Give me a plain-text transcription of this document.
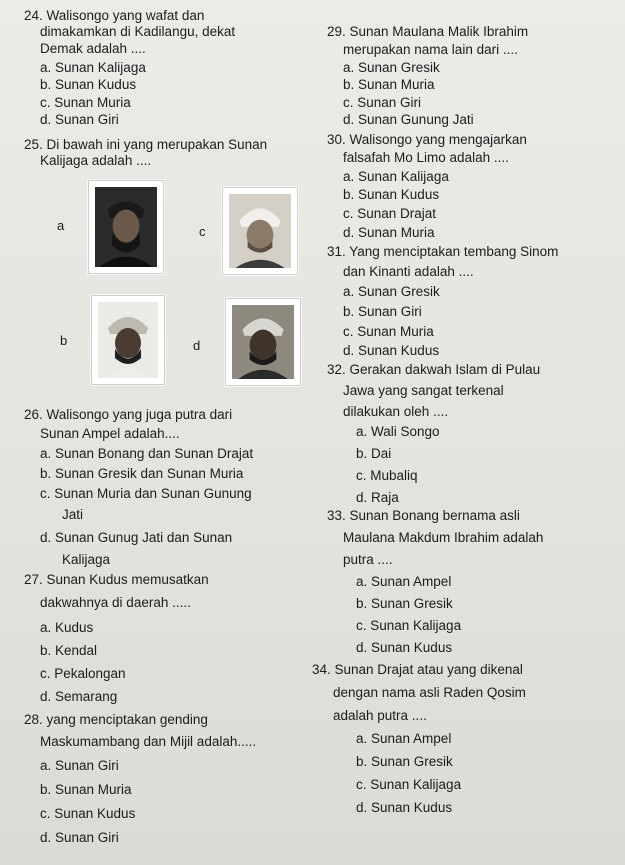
24. Walisongo yang wafat dan
dimakamkan di Kadilangu, dekat
Demak adalah ....
a. Sunan Kalijaga
b. Sunan Kudus
c. Sunan Muria
d. Sunan Giri
25. Di bawah ini yang merupakan Sunan
Kalijaga adalah ....
a	c
b	d
26. Walisongo yang juga putra dari
Sunan Ampel adalah....
a. Sunan Bonang dan Sunan Drajat
b. Sunan Gresik dan Sunan Muria
c. Sunan Muria dan Sunan Gunung
Jati
d. Sunan Gunug Jati dan Sunan
Kalijaga
27. Sunan Kudus memusatkan
dakwahnya di daerah .....
a. Kudus
b. Kendal
c. Pekalongan
d. Semarang
28. yang menciptakan gending
Maskumambang dan Mijil adalah.....
a. Sunan Giri
b. Sunan Muria
c. Sunan Kudus
d. Sunan Giri
29. Sunan Maulana Malik Ibrahim
merupakan nama lain dari ....
a. Sunan Gresik
b. Sunan Muria
c. Sunan Giri
d. Sunan Gunung Jati
30. Walisongo yang mengajarkan
falsafah Mo Limo adalah ....
a. Sunan Kalijaga
b. Sunan Kudus
c. Sunan Drajat
d. Sunan Muria
31. Yang menciptakan tembang Sinom
dan Kinanti adalah ....
a. Sunan Gresik
b. Sunan Giri
c. Sunan Muria
d. Sunan Kudus
32. Gerakan dakwah Islam di Pulau
Jawa yang sangat terkenal
dilakukan oleh ....
a. Wali Songo
b. Dai
c. Mubaliq
d. Raja
33. Sunan Bonang bernama asli
Maulana Makdum Ibrahim adalah
putra ....
a. Sunan Ampel
b. Sunan Gresik
c. Sunan Kalijaga
d. Sunan Kudus
34. Sunan Drajat atau yang dikenal
dengan nama asli Raden Qosim
adalah putra ....
a. Sunan Ampel
b. Sunan Gresik
c. Sunan Kalijaga
d. Sunan Kudus
